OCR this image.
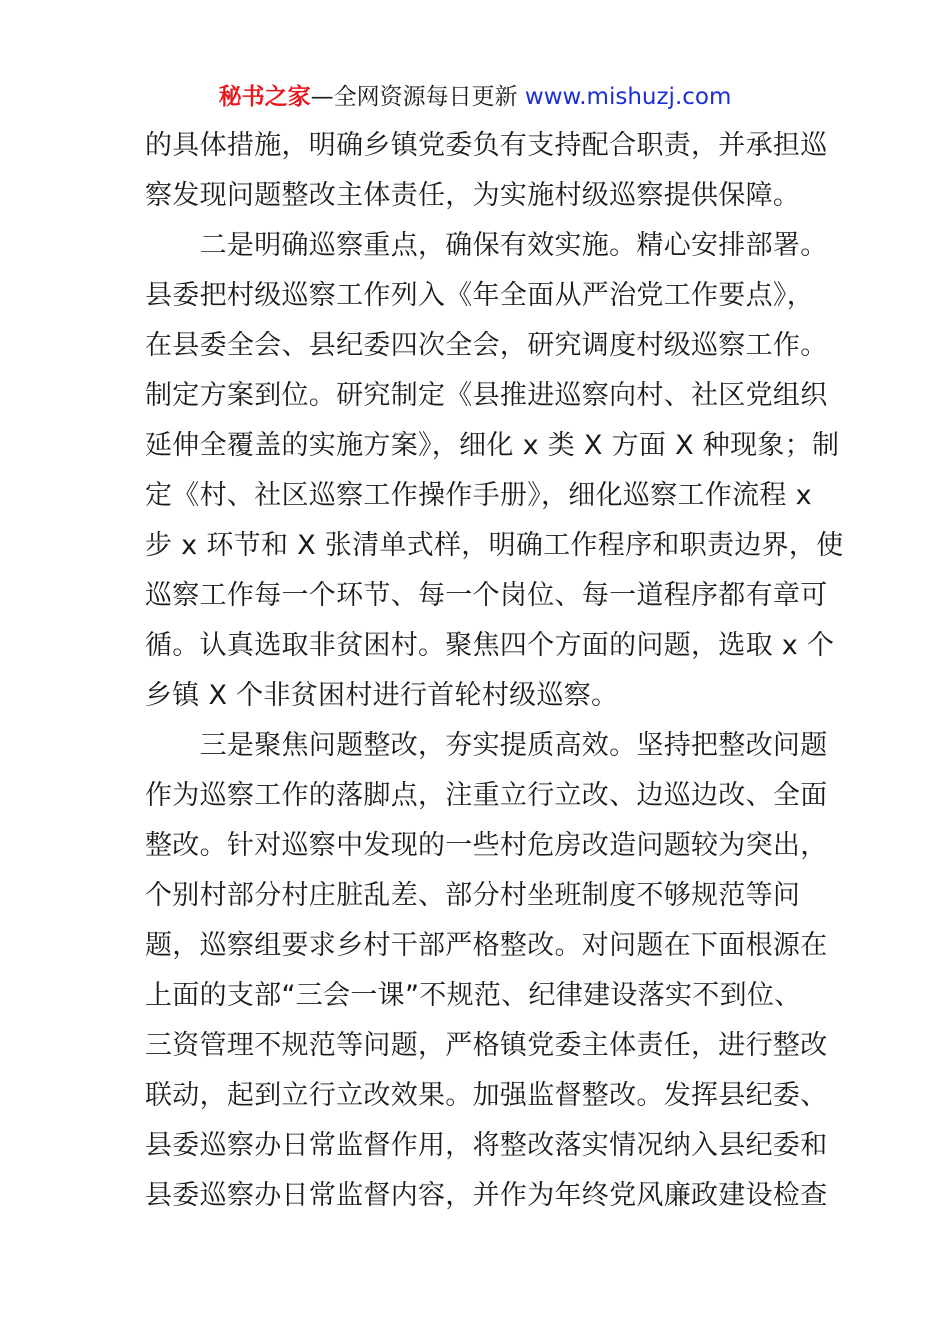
秘书之家—全网资源每日更新 www.mishuzj.com
的具体措施，明确乡镇党委负有支持配合职责，并承担巡
察发现问题整改主体责任，为实施村级巡察提供保障。
　　二是明确巡察重点，确保有效实施。精心安排部署。
县委把村级巡察工作列入《年全面从严治党工作要点》，
在县委全会、县纪委四次全会，研究调度村级巡察工作。
制定方案到位。研究制定《县推进巡察向村、社区党组织
延伸全覆盖的实施方案》，细化 x 类 X 方面 X 种现象；制
定《村、社区巡察工作操作手册》，细化巡察工作流程 x
步 x 环节和 X 张清单式样，明确工作程序和职责边界，使
巡察工作每一个环节、每一个岗位、每一道程序都有章可
循。认真选取非贫困村。聚焦四个方面的问题，选取 x 个
乡镇 X 个非贫困村进行首轮村级巡察。
　　三是聚焦问题整改，夯实提质高效。坚持把整改问题
作为巡察工作的落脚点，注重立行立改、边巡边改、全面
整改。针对巡察中发现的一些村危房改造问题较为突出，
个别村部分村庄脏乱差、部分村坐班制度不够规范等问
题，巡察组要求乡村干部严格整改。对问题在下面根源在
上面的支部“三会一课”不规范、纪律建设落实不到位、
三资管理不规范等问题，严格镇党委主体责任，进行整改
联动，起到立行立改效果。加强监督整改。发挥县纪委、
县委巡察办日常监督作用，将整改落实情况纳入县纪委和
县委巡察办日常监督内容，并作为年终党风廉政建设检查
